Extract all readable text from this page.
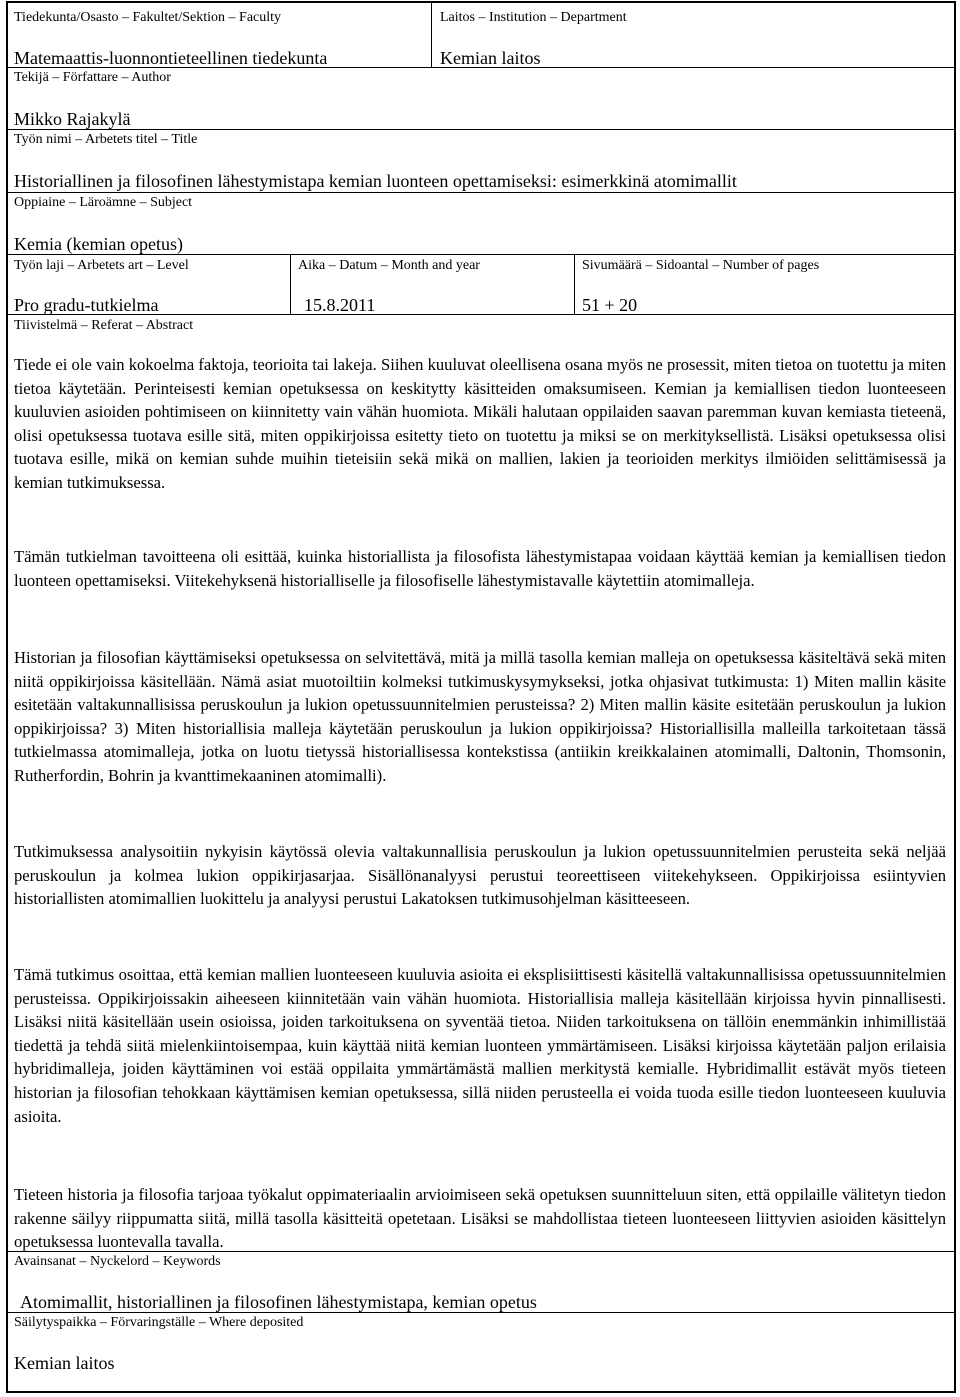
Tiedekunta/Osasto – Fakultet/Sektion – Faculty
Matemaattis-luonnontieteellinen tiedekunta
Laitos – Institution – Department
Kemian laitos
Tekijä – Författare – Author
Mikko Rajakylä
Työn nimi – Arbetets titel – Title
Historiallinen ja filosofinen lähestymistapa kemian luonteen opettamiseksi: esimerkkinä atomimallit
Oppiaine – Läroämne – Subject
Kemia (kemian opetus)
Työn laji – Arbetets art – Level
Pro gradu-tutkielma
Aika – Datum – Month and year
15.8.2011
Sivumäärä – Sidoantal – Number of pages
51 + 20
Tiivistelmä – Referat – Abstract

Tiede ei ole vain kokoelma faktoja, teorioita tai lakeja. Siihen kuuluvat oleellisena osana myös ne prosessit, miten tietoa on tuotettu ja miten tietoa käytetään. Perinteisesti kemian opetuksessa on keskitytty käsitteiden omaksumiseen. Kemian ja kemiallisen tiedon luonteeseen kuuluvien asioiden pohtimiseen on kiinnitetty vain vähän huomiota. Mikäli halutaan oppilaiden saavan paremman kuvan kemiasta tieteenä, olisi opetuksessa tuotava esille sitä, miten oppikirjoissa esitetty tieto on tuotettu ja miksi se on merkityksellistä. Lisäksi opetuksessa olisi tuotava esille, mikä on kemian suhde muihin tieteisiin sekä mikä on mallien, lakien ja teorioiden merkitys ilmiöiden selittämisessä ja kemian tutkimuksessa.

Tämän tutkielman tavoitteena oli esittää, kuinka historiallista ja filosofista lähestymistapaa voidaan käyttää kemian ja kemiallisen tiedon luonteen opettamiseksi. Viitekehyksenä historialliselle ja filosofiselle lähestymistavalle käytettiin atomimalleja.

Historian ja filosofian käyttämiseksi opetuksessa on selvitettävä, mitä ja millä tasolla kemian malleja on opetuksessa käsiteltävä sekä miten niitä oppikirjoissa käsitellään. Nämä asiat muotoiltiin kolmeksi tutkimuskysymykseksi, jotka ohjasivat tutkimusta: 1) Miten mallin käsite esitetään valtakunnallisissa peruskoulun ja lukion opetussuunnitelmien perusteissa? 2) Miten mallin käsite esitetään peruskoulun ja lukion oppikirjoissa? 3) Miten historiallisia malleja käytetään peruskoulun ja lukion oppikirjoissa? Historiallisilla malleilla tarkoitetaan tässä tutkielmassa atomimalleja, jotka on luotu tietyssä historiallisessa kontekstissa (antiikin kreikkalainen atomimalli, Daltonin, Thomsonin, Rutherfordin, Bohrin ja kvanttimekaaninen atomimalli).

Tutkimuksessa analysoitiin nykyisin käytössä olevia valtakunnallisia peruskoulun ja lukion opetussuunnitelmien perusteita sekä neljää peruskoulun ja kolmea lukion oppikirjasarjaa. Sisällönanalyysi perustui teoreettiseen viitekehykseen. Oppikirjoissa esiintyvien historiallisten atomimallien luokittelu ja analyysi perustui Lakatoksen tutkimusohjelman käsitteeseen.

Tämä tutkimus osoittaa, että kemian mallien luonteeseen kuuluvia asioita ei eksplisiittisesti käsitellä valtakunnallisissa opetussuunnitelmien perusteissa. Oppikirjoissakin aiheeseen kiinnitetään vain vähän huomiota. Historiallisia malleja käsitellään kirjoissa hyvin pinnallisesti. Lisäksi niitä käsitellään usein osioissa, joiden tarkoituksena on syventää tietoa. Niiden tarkoituksena on tällöin enemmänkin inhimillistää tiedettä ja tehdä siitä mielenkiintoisempaa, kuin käyttää niitä kemian luonteen ymmärtämiseen. Lisäksi kirjoissa käytetään paljon erilaisia hybridimalleja, joiden käyttäminen voi estää oppilaita ymmärtämästä mallien merkitystä kemialle. Hybridimallit estävät myös tieteen historian ja filosofian tehokkaan käyttämisen kemian opetuksessa, sillä niiden perusteella ei voida tuoda esille tiedon luonteeseen kuuluvia asioita.

Tieteen historia ja filosofia tarjoaa työkalut oppimateriaalin arvioimiseen sekä opetuksen suunnitteluun siten, että oppilaille välitetyn tiedon rakenne säilyy riippumatta siitä, millä tasolla käsitteitä opetetaan. Lisäksi se mahdollistaa tieteen luonteeseen liittyvien asioiden käsittelyn opetuksessa luontevalla tavalla.

Avainsanat – Nyckelord – Keywords
Atomimallit, historiallinen ja filosofinen lähestymistapa, kemian opetus
Säilytyspaikka – Förvaringställe – Where deposited
Kemian laitos
